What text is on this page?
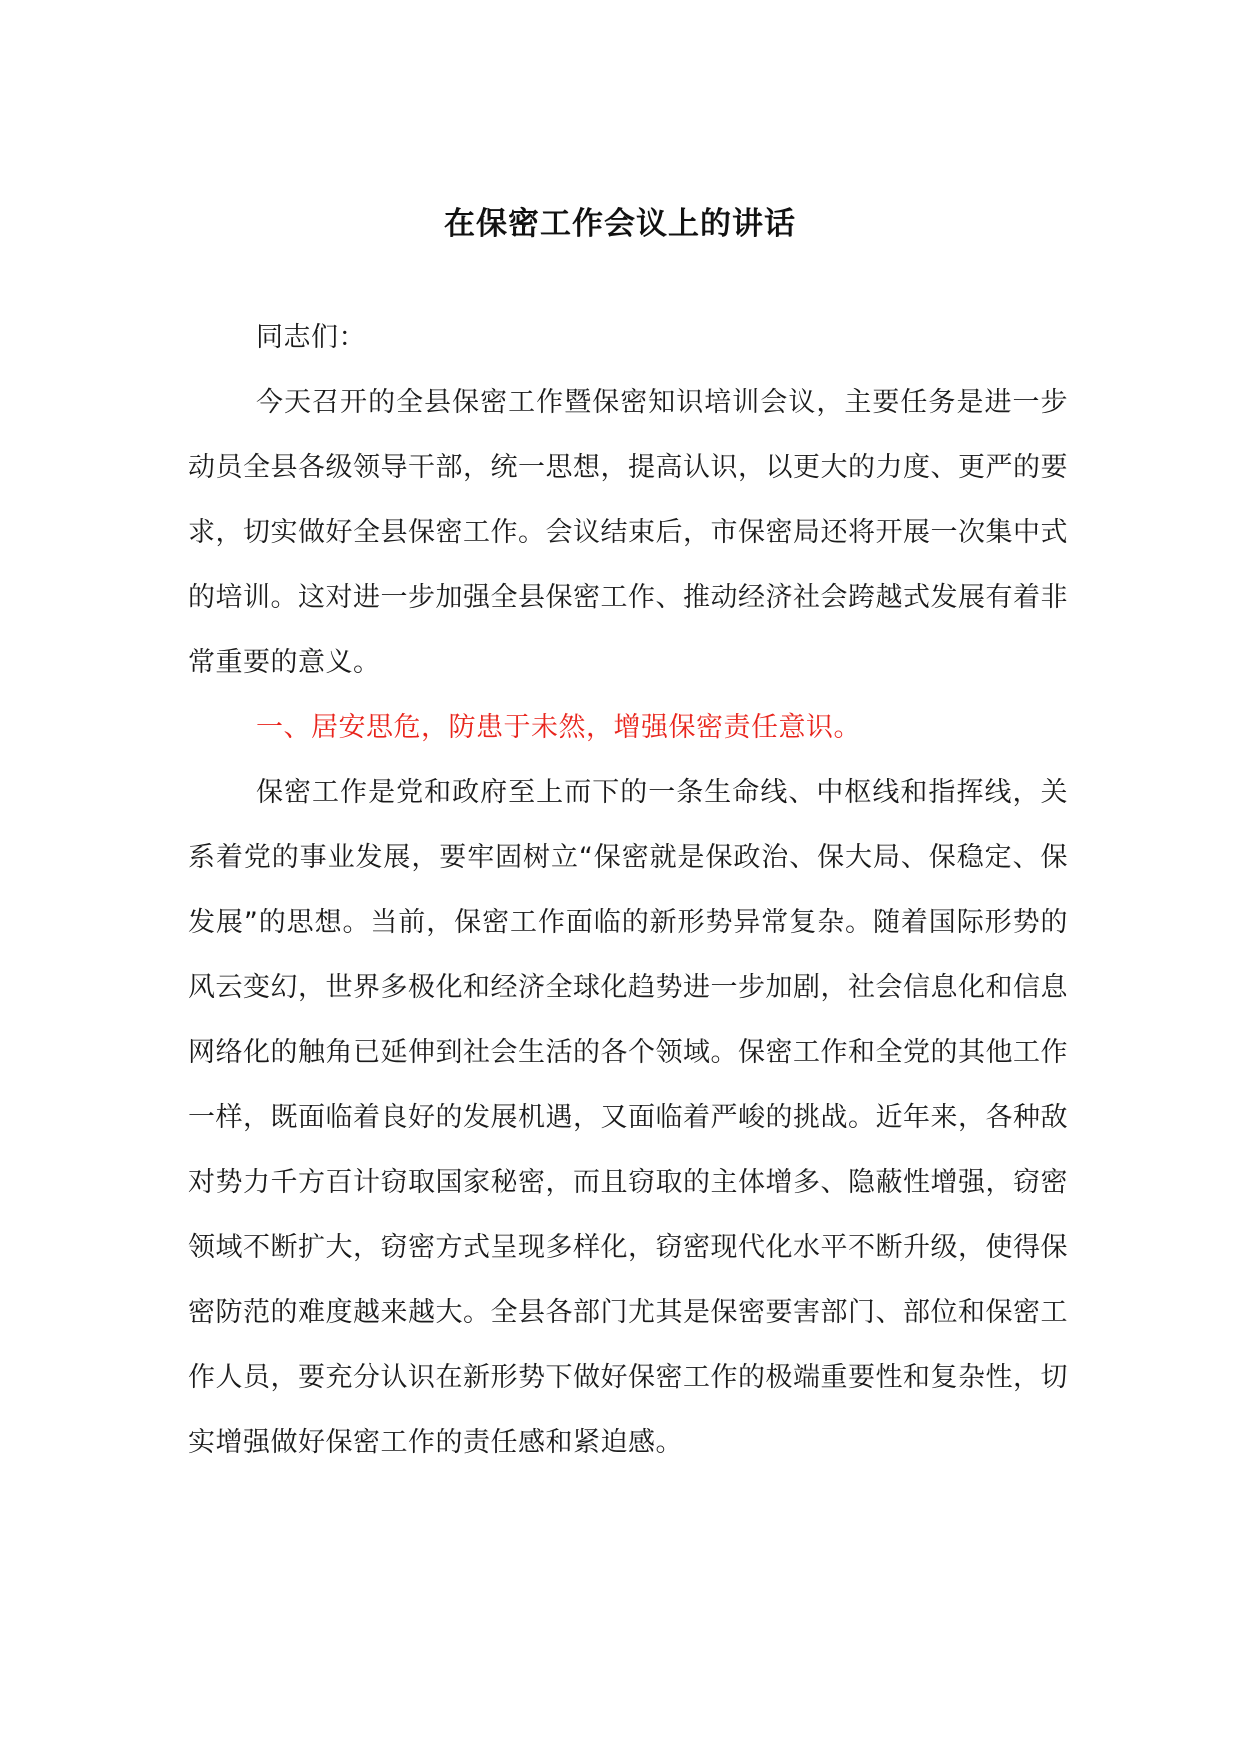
在保密工作会议上的讲话

同志们：

今天召开的全县保密工作暨保密知识培训会议，主要任务是进一步动员全县各级领导干部，统一思想，提高认识，以更大的力度、更严的要求，切实做好全县保密工作。会议结束后，市保密局还将开展一次集中式的培训。这对进一步加强全县保密工作、推动经济社会跨越式发展有着非常重要的意义。

一、居安思危，防患于未然，增强保密责任意识。

保密工作是党和政府至上而下的一条生命线、中枢线和指挥线，关系着党的事业发展，要牢固树立“保密就是保政治、保大局、保稳定、保发展”的思想。当前，保密工作面临的新形势异常复杂。随着国际形势的风云变幻，世界多极化和经济全球化趋势进一步加剧，社会信息化和信息网络化的触角已延伸到社会生活的各个领域。保密工作和全党的其他工作一样，既面临着良好的发展机遇，又面临着严峻的挑战。近年来，各种敌对势力千方百计窃取国家秘密，而且窃取的主体增多、隐蔽性增强，窃密领域不断扩大，窃密方式呈现多样化，窃密现代化水平不断升级，使得保密防范的难度越来越大。全县各部门尤其是保密要害部门、部位和保密工作人员，要充分认识在新形势下做好保密工作的极端重要性和复杂性，切实增强做好保密工作的责任感和紧迫感。
